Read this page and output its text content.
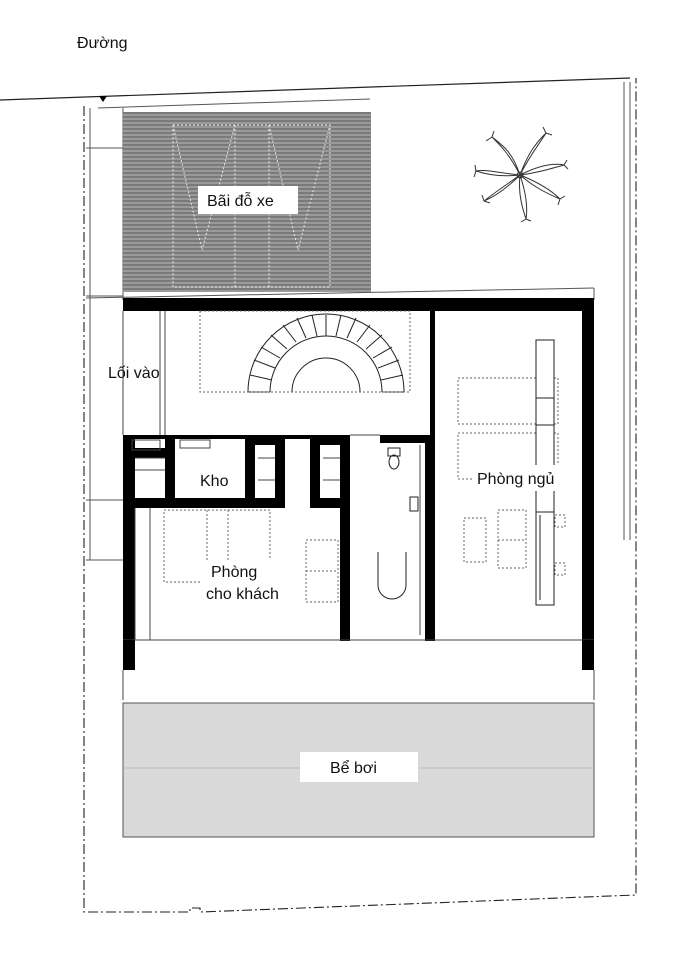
Đường
Bãi đỗ xe
Lối vào
Kho
Phòng
cho khách
Phòng ngủ
Bể bơi
